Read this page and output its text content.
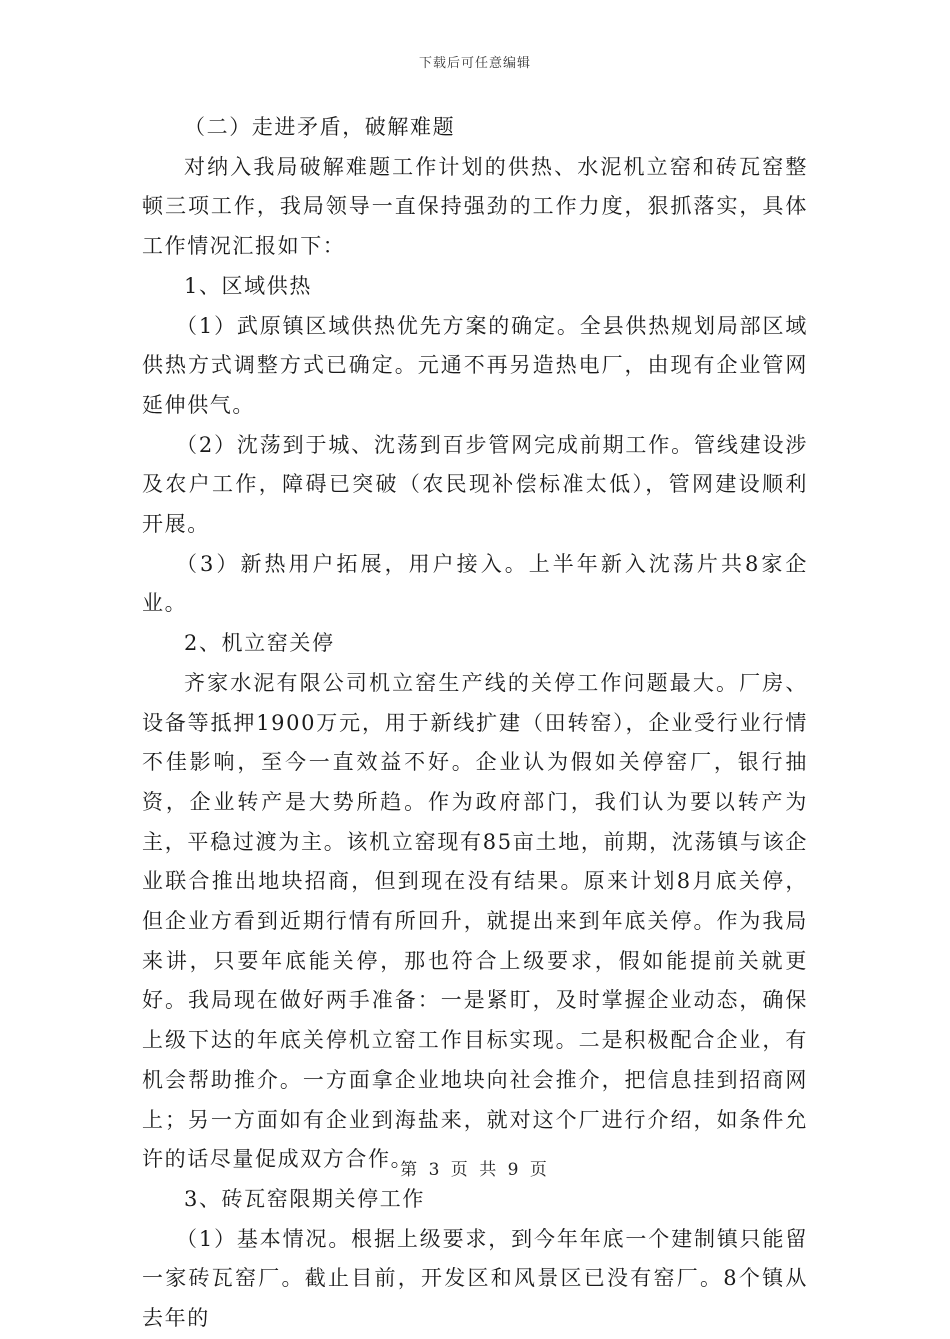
下载后可任意编辑

（二）走进矛盾，破解难题

对纳入我局破解难题工作计划的供热、水泥机立窑和砖瓦窑整顿三项工作，我局领导一直保持强劲的工作力度，狠抓落实，具体工作情况汇报如下：

1、区域供热

（1）武原镇区域供热优先方案的确定。全县供热规划局部区域供热方式调整方式已确定。元通不再另造热电厂，由现有企业管网延伸供气。

（2）沈荡到于城、沈荡到百步管网完成前期工作。管线建设涉及农户工作，障碍已突破（农民现补偿标准太低），管网建设顺利开展。

（3）新热用户拓展，用户接入。上半年新入沈荡片共8家企业。

2、机立窑关停

齐家水泥有限公司机立窑生产线的关停工作问题最大。厂房、设备等抵押1900万元，用于新线扩建（田转窑），企业受行业行情不佳影响，至今一直效益不好。企业认为假如关停窑厂，银行抽资，企业转产是大势所趋。作为政府部门，我们认为要以转产为主，平稳过渡为主。该机立窑现有85亩土地，前期，沈荡镇与该企业联合推出地块招商，但到现在没有结果。原来计划8月底关停，但企业方看到近期行情有所回升，就提出来到年底关停。作为我局来讲，只要年底能关停，那也符合上级要求，假如能提前关就更好。我局现在做好两手准备：一是紧盯，及时掌握企业动态，确保上级下达的年底关停机立窑工作目标实现。二是积极配合企业，有机会帮助推介。一方面拿企业地块向社会推介，把信息挂到招商网上；另一方面如有企业到海盐来，就对这个厂进行介绍，如条件允许的话尽量促成双方合作。

3、砖瓦窑限期关停工作

（1）基本情况。根据上级要求，到今年年底一个建制镇只能留一家砖瓦窑厂。截止目前，开发区和风景区已没有窑厂。8个镇从去年的

第 3 页 共 9 页
